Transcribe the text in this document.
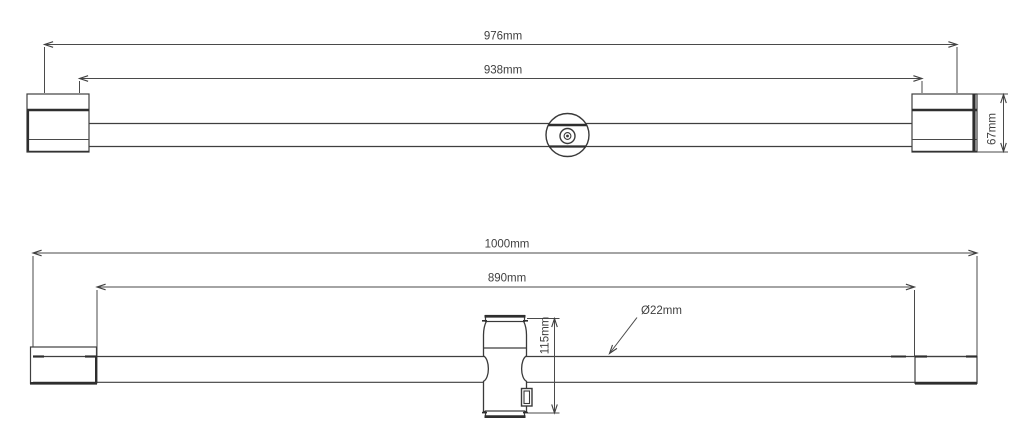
976mm
938mm
67mm
1000mm
890mm
115mm
Ø22mm
